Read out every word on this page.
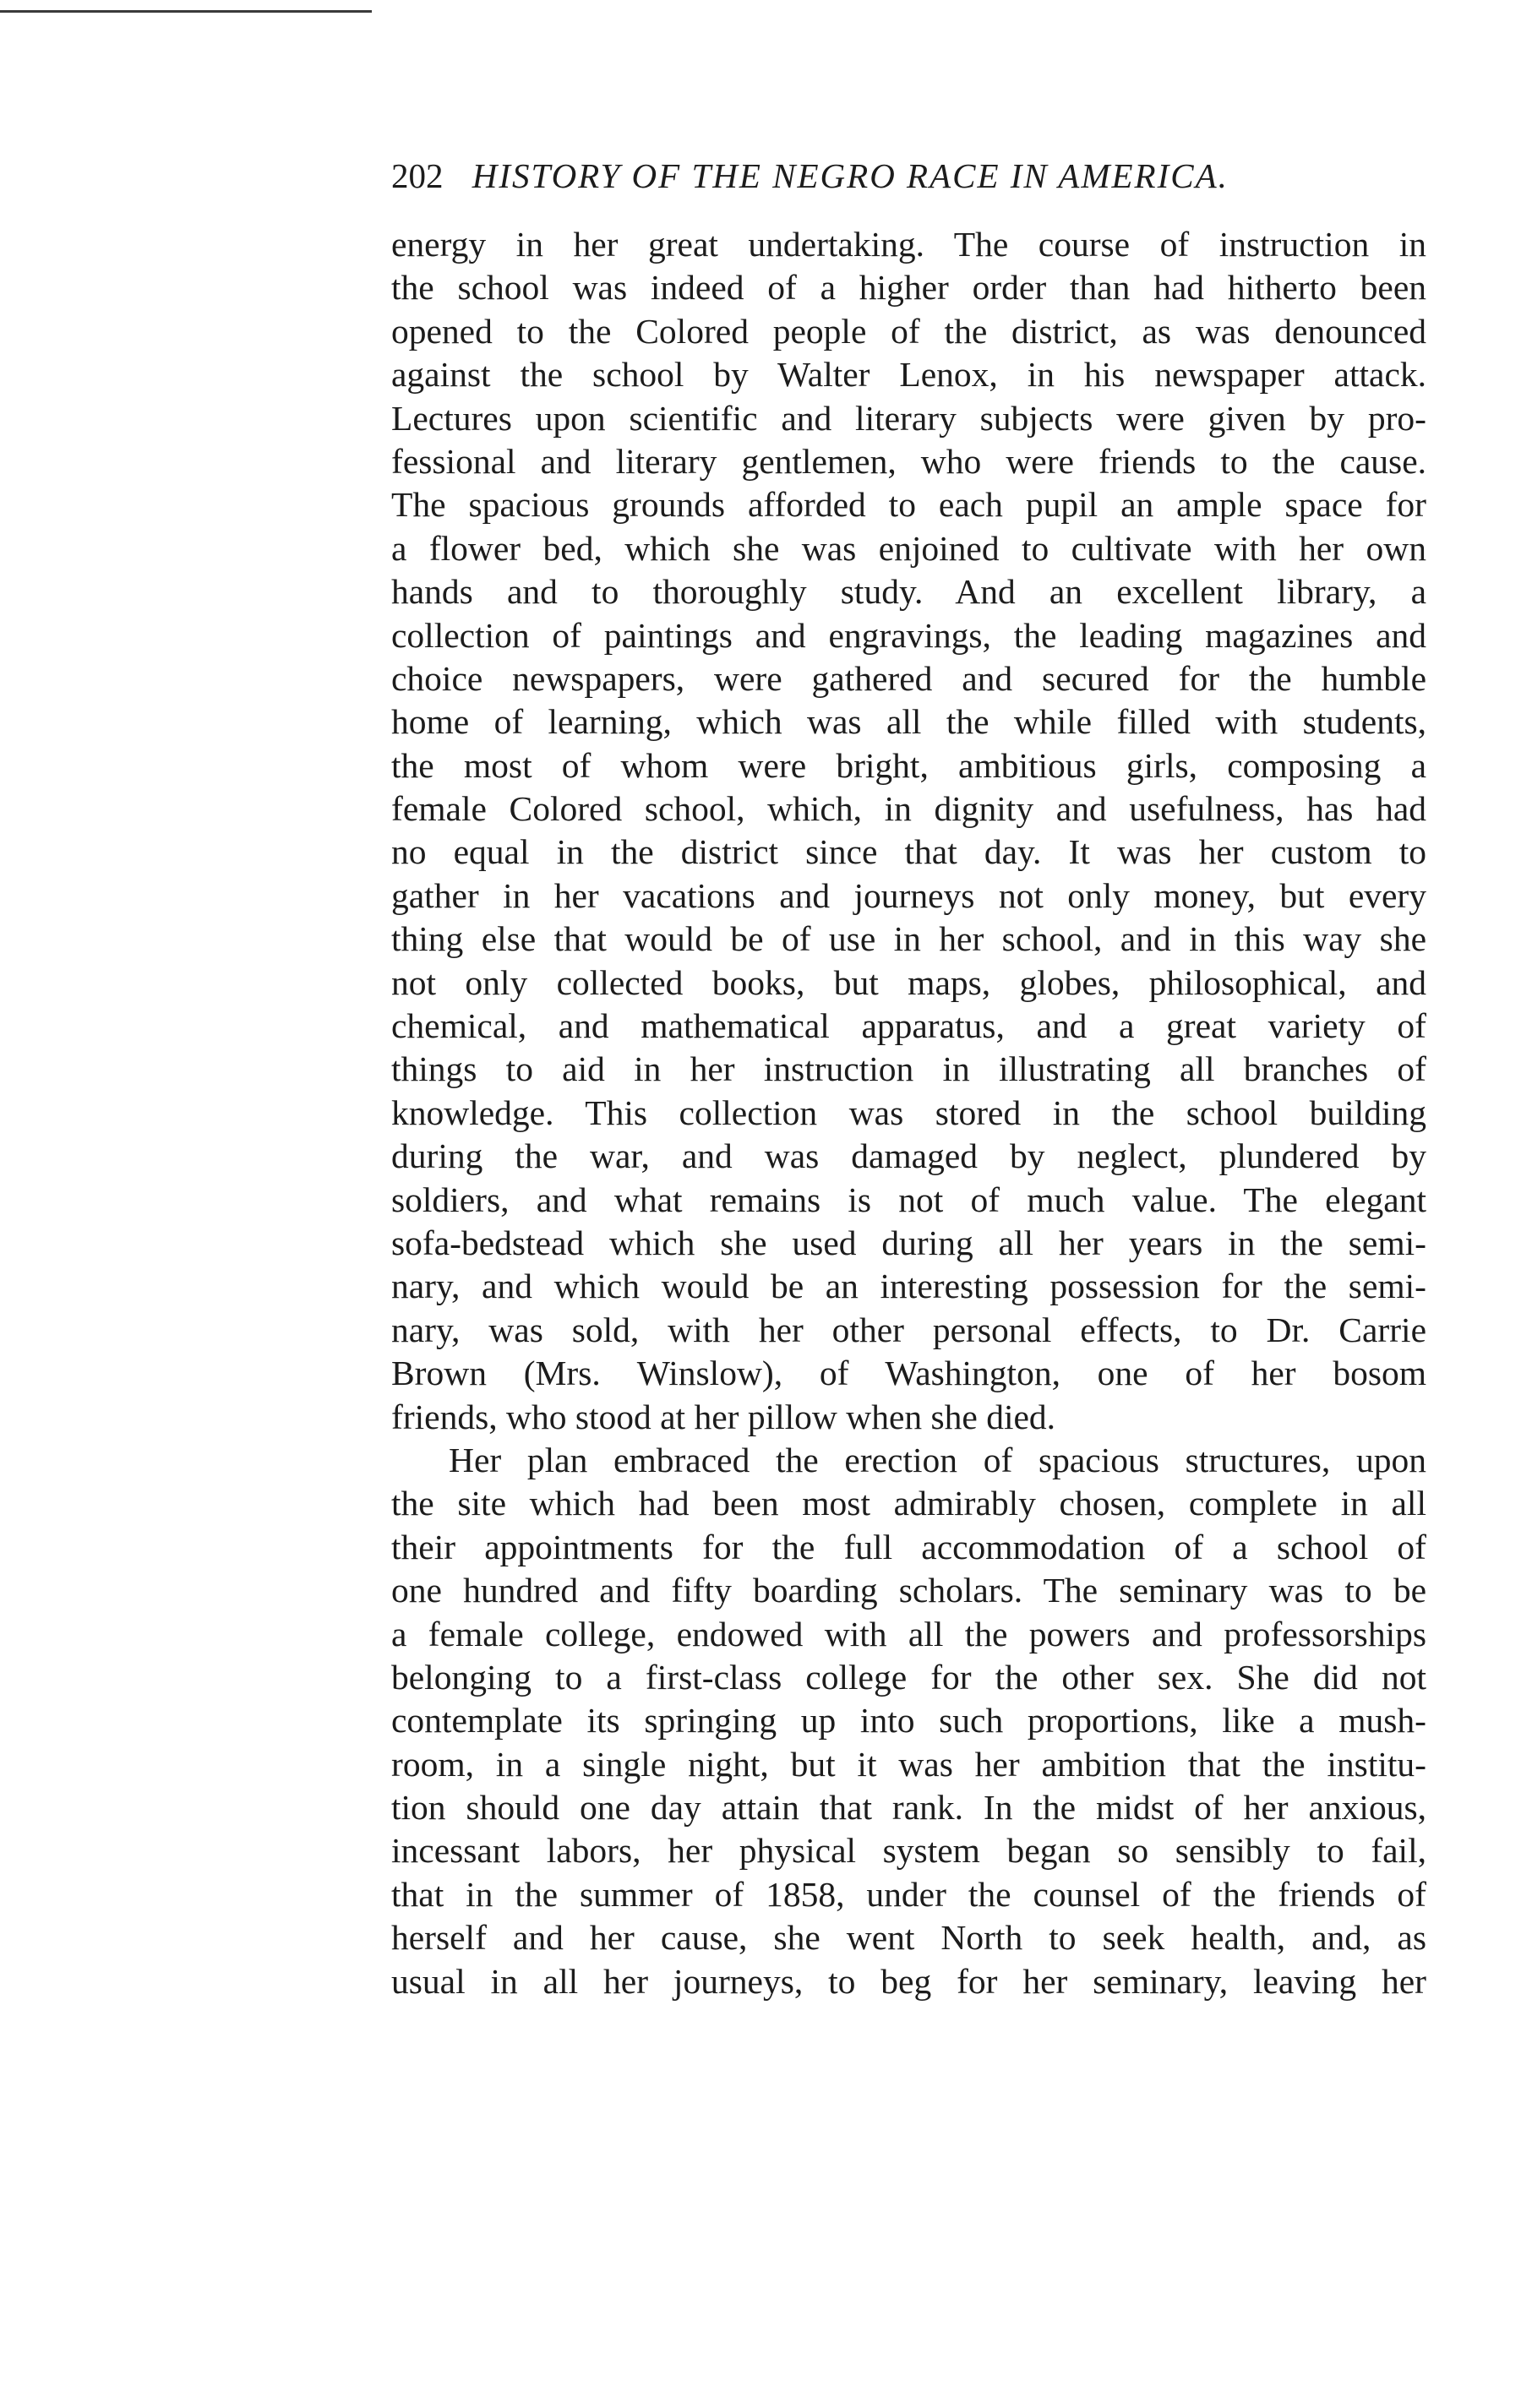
202 HISTORY OF THE NEGRO RACE IN AMERICA.
energy in her great undertaking. The course of instruction in
the school was indeed of a higher order than had hitherto been
opened to the Colored people of the district, as was denounced
against the school by Walter Lenox, in his newspaper attack.
Lectures upon scientific and literary subjects were given by pro-
fessional and literary gentlemen, who were friends to the cause.
The spacious grounds afforded to each pupil an ample space for
a flower bed, which she was enjoined to cultivate with her own
hands and to thoroughly study. And an excellent library, a
collection of paintings and engravings, the leading magazines and
choice newspapers, were gathered and secured for the humble
home of learning, which was all the while filled with students,
the most of whom were bright, ambitious girls, composing a
female Colored school, which, in dignity and usefulness, has had
no equal in the district since that day. It was her custom to
gather in her vacations and journeys not only money, but every
thing else that would be of use in her school, and in this way she
not only collected books, but maps, globes, philosophical, and
chemical, and mathematical apparatus, and a great variety of
things to aid in her instruction in illustrating all branches of
knowledge. This collection was stored in the school building
during the war, and was damaged by neglect, plundered by
soldiers, and what remains is not of much value. The elegant
sofa-bedstead which she used during all her years in the semi-
nary, and which would be an interesting possession for the semi-
nary, was sold, with her other personal effects, to Dr. Carrie
Brown (Mrs. Winslow), of Washington, one of her bosom
friends, who stood at her pillow when she died.
Her plan embraced the erection of spacious structures, upon
the site which had been most admirably chosen, complete in all
their appointments for the full accommodation of a school of
one hundred and fifty boarding scholars. The seminary was to be
a female college, endowed with all the powers and professorships
belonging to a first-class college for the other sex. She did not
contemplate its springing up into such proportions, like a mush-
room, in a single night, but it was her ambition that the institu-
tion should one day attain that rank. In the midst of her anxious,
incessant labors, her physical system began so sensibly to fail,
that in the summer of 1858, under the counsel of the friends of
herself and her cause, she went North to seek health, and, as
usual in all her journeys, to beg for her seminary, leaving her
